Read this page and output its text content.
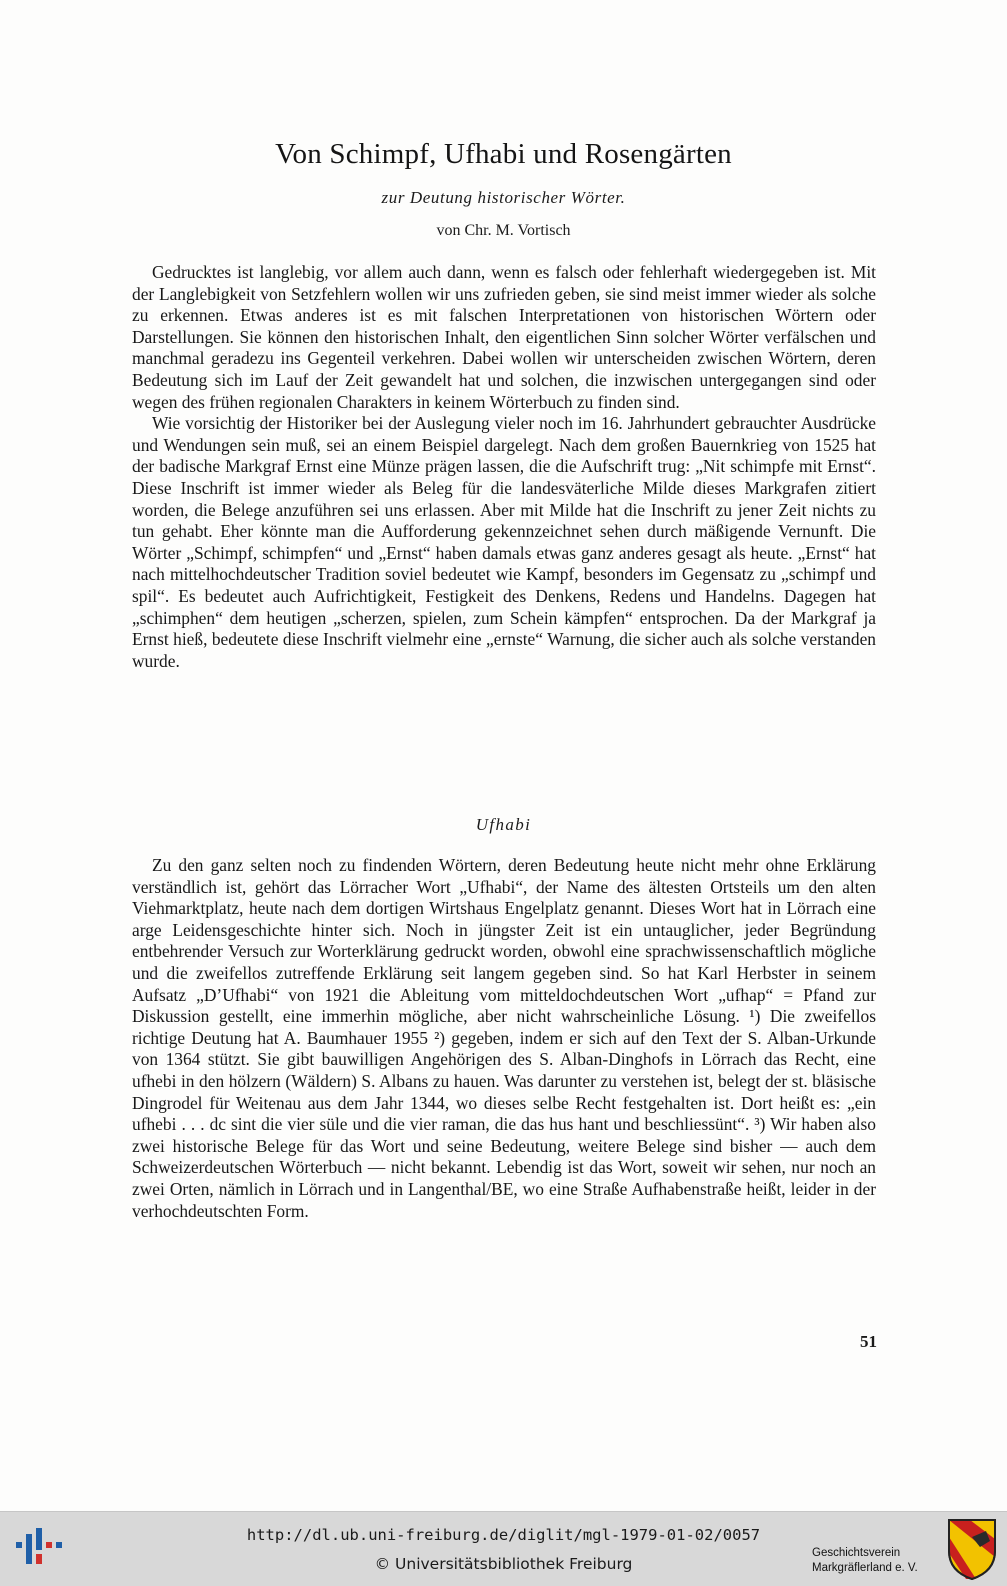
Von Schimpf, Ufhabi und Rosengärten
zur Deutung historischer Wörter.
von Chr. M. Vortisch

Gedrucktes ist langlebig, vor allem auch dann, wenn es falsch oder fehlerhaft wiedergegeben ist. Mit der Langlebigkeit von Setzfehlern wollen wir uns zufrieden geben, sie sind meist immer wieder als solche zu erkennen. Etwas anderes ist es mit falschen Interpretationen von historischen Wörtern oder Darstellungen. Sie können den historischen Inhalt, den eigentlichen Sinn solcher Wörter verfälschen und manchmal geradezu ins Gegenteil verkehren. Dabei wollen wir unterscheiden zwischen Wörtern, deren Bedeutung sich im Lauf der Zeit gewandelt hat und solchen, die inzwischen untergegangen sind oder wegen des frühen regionalen Charakters in keinem Wörterbuch zu finden sind.

Wie vorsichtig der Historiker bei der Auslegung vieler noch im 16. Jahrhundert gebrauchter Ausdrücke und Wendungen sein muß, sei an einem Beispiel dargelegt. Nach dem großen Bauernkrieg von 1525 hat der badische Markgraf Ernst eine Münze prägen lassen, die die Aufschrift trug: „Nit schimpfe mit Ernst“. Diese Inschrift ist immer wieder als Beleg für die landesväterliche Milde dieses Markgrafen zitiert worden, die Belege anzuführen sei uns erlassen. Aber mit Milde hat die Inschrift zu jener Zeit nichts zu tun gehabt. Eher könnte man die Aufforderung gekennzeichnet sehen durch mäßigende Vernunft. Die Wörter „Schimpf, schimpfen“ und „Ernst“ haben damals etwas ganz anderes gesagt als heute. „Ernst“ hat nach mittelhochdeutscher Tradition soviel bedeutet wie Kampf, besonders im Gegensatz zu „schimpf und spil“. Es bedeutet auch Aufrichtigkeit, Festigkeit des Denkens, Redens und Handelns. Dagegen hat „schimphen“ dem heutigen „scherzen, spielen, zum Schein kämpfen“ entsprochen. Da der Markgraf ja Ernst hieß, bedeutete diese Inschrift vielmehr eine „ernste“ Warnung, die sicher auch als solche verstanden wurde.

Ufhabi

Zu den ganz selten noch zu findenden Wörtern, deren Bedeutung heute nicht mehr ohne Erklärung verständlich ist, gehört das Lörracher Wort „Ufhabi“, der Name des ältesten Ortsteils um den alten Viehmarktplatz, heute nach dem dortigen Wirtshaus Engelplatz genannt. Dieses Wort hat in Lörrach eine arge Leidensgeschichte hinter sich. Noch in jüngster Zeit ist ein untauglicher, jeder Begründung entbehrender Versuch zur Worterklärung gedruckt worden, obwohl eine sprachwissenschaftlich mögliche und die zweifellos zutreffende Erklärung seit langem gegeben sind. So hat Karl Herbster in seinem Aufsatz „D’Ufhabi“ von 1921 die Ableitung vom mitteldochdeutschen Wort „ufhap“ = Pfand zur Diskussion gestellt, eine immerhin mögliche, aber nicht wahrscheinliche Lösung. ¹) Die zweifellos richtige Deutung hat A. Baumhauer 1955 ²) gegeben, indem er sich auf den Text der S. Alban-Urkunde von 1364 stützt. Sie gibt bauwilligen Angehörigen des S. Alban-Dinghofs in Lörrach das Recht, eine ufhebi in den hölzern (Wäldern) S. Albans zu hauen. Was darunter zu verstehen ist, belegt der st. bläsische Dingrodel für Weitenau aus dem Jahr 1344, wo dieses selbe Recht festgehalten ist. Dort heißt es: „ein ufhebi . . . dc sint die vier süle und die vier raman, die das hus hant und beschliessünt“. ³) Wir haben also zwei historische Belege für das Wort und seine Bedeutung, weitere Belege sind bisher — auch dem Schweizerdeutschen Wörterbuch — nicht bekannt. Lebendig ist das Wort, soweit wir sehen, nur noch an zwei Orten, nämlich in Lörrach und in Langenthal/BE, wo eine Straße Aufhabenstraße heißt, leider in der verhochdeutschten Form.

51
http://dl.ub.uni-freiburg.de/diglit/mgl-1979-01-02/0057
© Universitätsbibliothek Freiburg
Geschichtsverein
Markgräflerland e. V.
